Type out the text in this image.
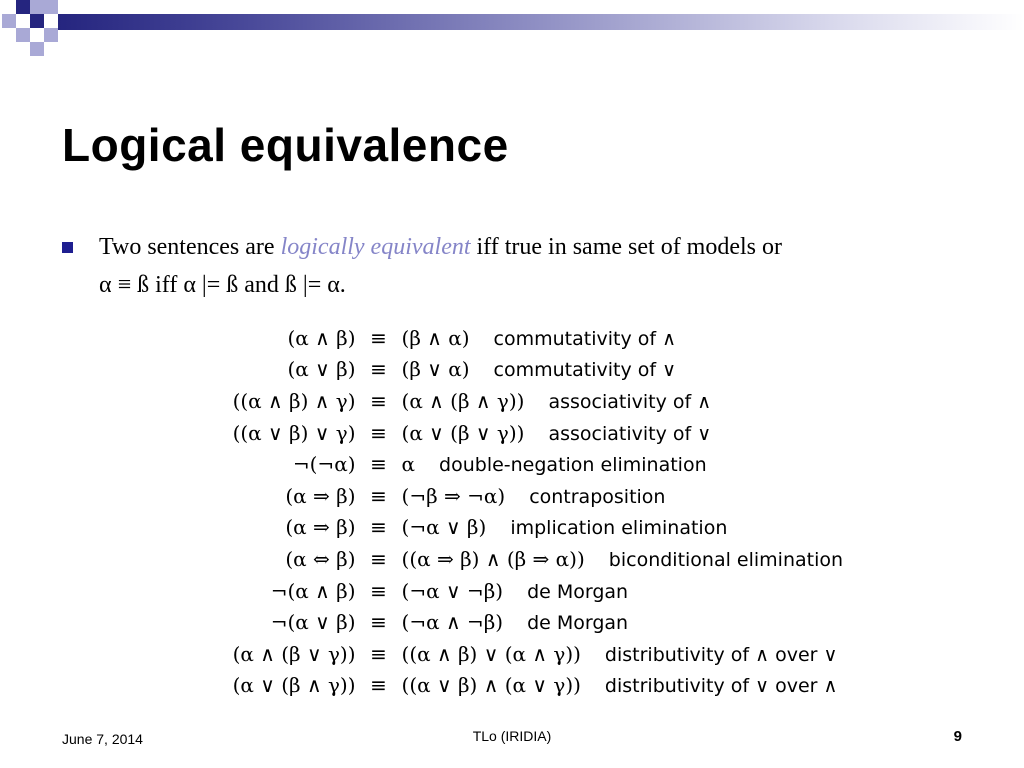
Logical equivalence
Two sentences are logically equivalent iff true in same set of models or
α ≡ ß iff α |= ß and ß |= α.
(α ∧ β)	≡	(β ∧ α) commutativity of ∧
(α ∨ β)	≡	(β ∨ α) commutativity of ∨
((α ∧ β) ∧ γ)	≡	(α ∧ (β ∧ γ)) associativity of ∧
((α ∨ β) ∨ γ)	≡	(α ∨ (β ∨ γ)) associativity of ∨
¬(¬α)	≡	α double-negation elimination
(α ⇒ β)	≡	(¬β ⇒ ¬α) contraposition
(α ⇒ β)	≡	(¬α ∨ β) implication elimination
(α ⇔ β)	≡	((α ⇒ β) ∧ (β ⇒ α)) biconditional elimination
¬(α ∧ β)	≡	(¬α ∨ ¬β) de Morgan
¬(α ∨ β)	≡	(¬α ∧ ¬β) de Morgan
(α ∧ (β ∨ γ))	≡	((α ∧ β) ∨ (α ∧ γ)) distributivity of ∧ over ∨
(α ∨ (β ∧ γ))	≡	((α ∨ β) ∧ (α ∨ γ)) distributivity of ∨ over ∧
June 7, 2014	TLo (IRIDIA)	9
